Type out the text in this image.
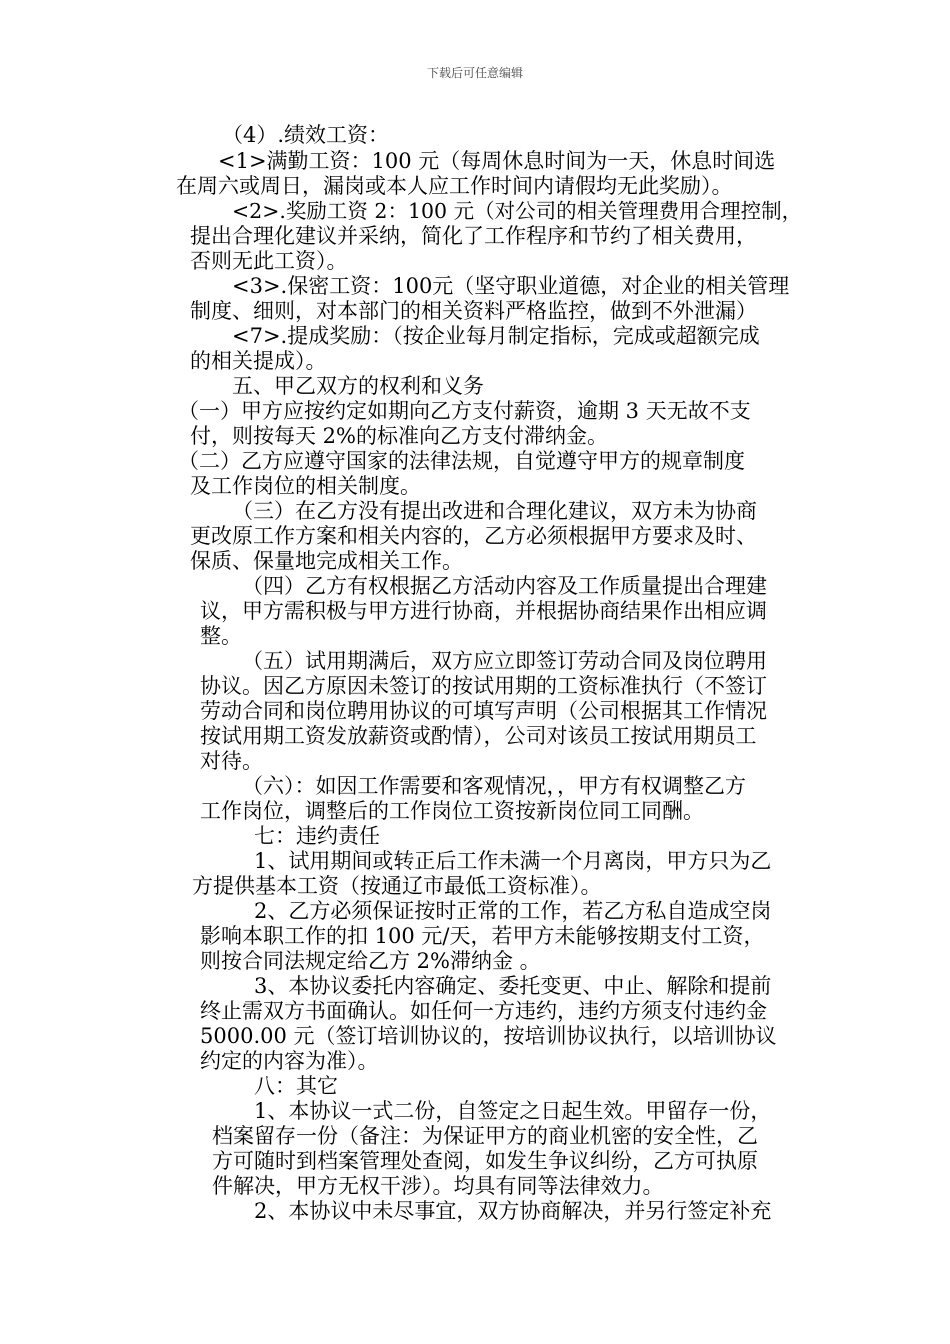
下载后可任意编辑
（4）.绩效工资：
<1>满勤工资：100 元（每周休息时间为一天，休息时间选
在周六或周日，漏岗或本人应工作时间内请假均无此奖励）。
<2>.奖励工资 2：100 元（对公司的相关管理费用合理控制，
提出合理化建议并采纳，简化了工作程序和节约了相关费用，
否则无此工资）。
<3>.保密工资：100元（坚守职业道德，对企业的相关管理
制度、细则，对本部门的相关资料严格监控，做到不外泄漏）
<7>.提成奖励：（按企业每月制定指标，完成或超额完成
的相关提成）。
五、甲乙双方的权利和义务
（一）甲方应按约定如期向乙方支付薪资，逾期 3 天无故不支
付，则按每天 2%的标准向乙方支付滞纳金。
（二）乙方应遵守国家的法律法规，自觉遵守甲方的规章制度
及工作岗位的相关制度。
（三）在乙方没有提出改进和合理化建议，双方未为协商
更改原工作方案和相关内容的，乙方必须根据甲方要求及时、
保质、保量地完成相关工作。
（四）乙方有权根据乙方活动内容及工作质量提出合理建
议，甲方需积极与甲方进行协商，并根据协商结果作出相应调
整。
（五）试用期满后，双方应立即签订劳动合同及岗位聘用
协议。因乙方原因未签订的按试用期的工资标准执行（不签订
劳动合同和岗位聘用协议的可填写声明（公司根据其工作情况
按试用期工资发放薪资或酌情），公司对该员工按试用期员工
对待。
（六）：如因工作需要和客观情况，，甲方有权调整乙方
工作岗位，调整后的工作岗位工资按新岗位同工同酬。
七：违约责任
1、试用期间或转正后工作未满一个月离岗，甲方只为乙
方提供基本工资（按通辽市最低工资标准）。
2、乙方必须保证按时正常的工作，若乙方私自造成空岗
影响本职工作的扣 100 元/天，若甲方未能够按期支付工资，
则按合同法规定给乙方 2%滞纳金 。
3、本协议委托内容确定、委托变更、中止、解除和提前
终止需双方书面确认。如任何一方违约，违约方须支付违约金
5000.00 元（签订培训协议的，按培训协议执行，以培训协议
约定的内容为准）。
八：其它
1、本协议一式二份，自签定之日起生效。甲留存一份，
档案留存一份（备注：为保证甲方的商业机密的安全性，乙
方可随时到档案管理处查阅，如发生争议纠纷，乙方可执原
件解决，甲方无权干涉）。均具有同等法律效力。
2、本协议中未尽事宜，双方协商解决，并另行签定补充
